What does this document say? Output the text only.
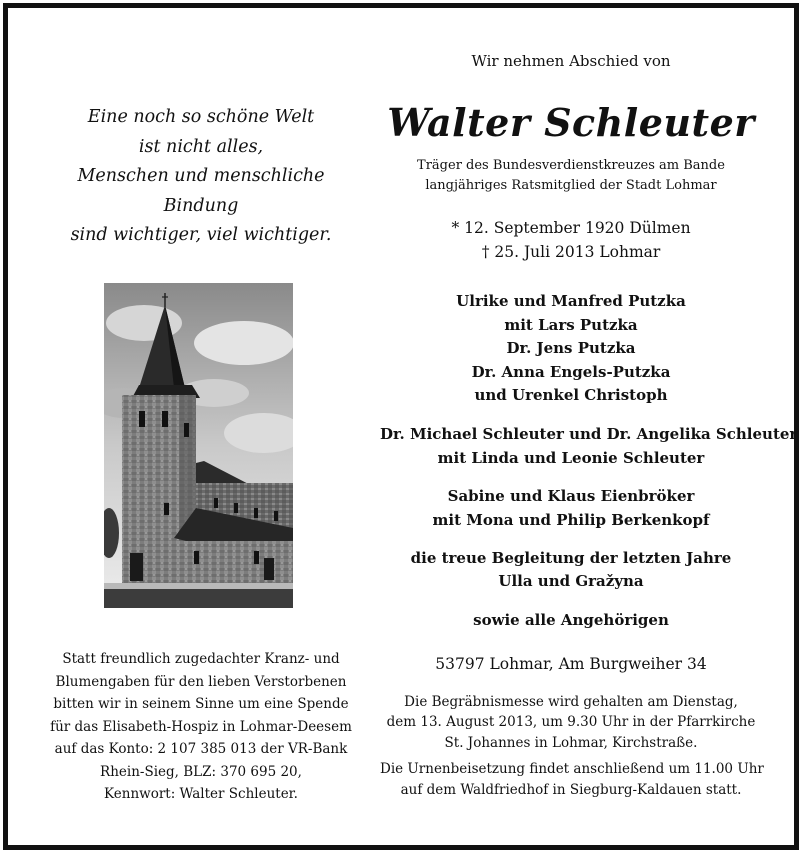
Eine noch so schöne Welt
ist nicht alles,
Menschen und menschliche
Bindung
sind wichtiger, viel wichtiger.
Statt freundlich zugedachter Kranz- und
Blumengaben für den lieben Verstorbenen
bitten wir in seinem Sinne um eine Spende
für das Elisabeth-Hospiz in Lohmar-Deesem
auf das Konto: 2 107 385 013 der VR-Bank
Rhein-Sieg, BLZ: 370 695 20,
Kennwort: Walter Schleuter.
Wir nehmen Abschied von
Walter Schleuter
Träger des Bundesverdienstkreuzes am Bande
langjähriges Ratsmitglied der Stadt Lohmar
* 12. September 1920 Dülmen
† 25. Juli 2013 Lohmar
Ulrike und Manfred Putzka
mit Lars Putzka
Dr. Jens Putzka
Dr. Anna Engels-Putzka
und Urenkel Christoph
Dr. Michael Schleuter und Dr. Angelika Schleuter
mit Linda und Leonie Schleuter
Sabine und Klaus Eienbröker
mit Mona und Philip Berkenkopf
die treue Begleitung der letzten Jahre
Ulla und Gražyna
sowie alle Angehörigen
53797 Lohmar, Am Burgweiher 34
Die Begräbnismesse wird gehalten am Dienstag,
dem 13. August 2013, um 9.30 Uhr in der Pfarrkirche
St. Johannes in Lohmar, Kirchstraße.
Die Urnenbeisetzung findet anschließend um 11.00 Uhr
auf dem Waldfriedhof in Siegburg-Kaldauen statt.
